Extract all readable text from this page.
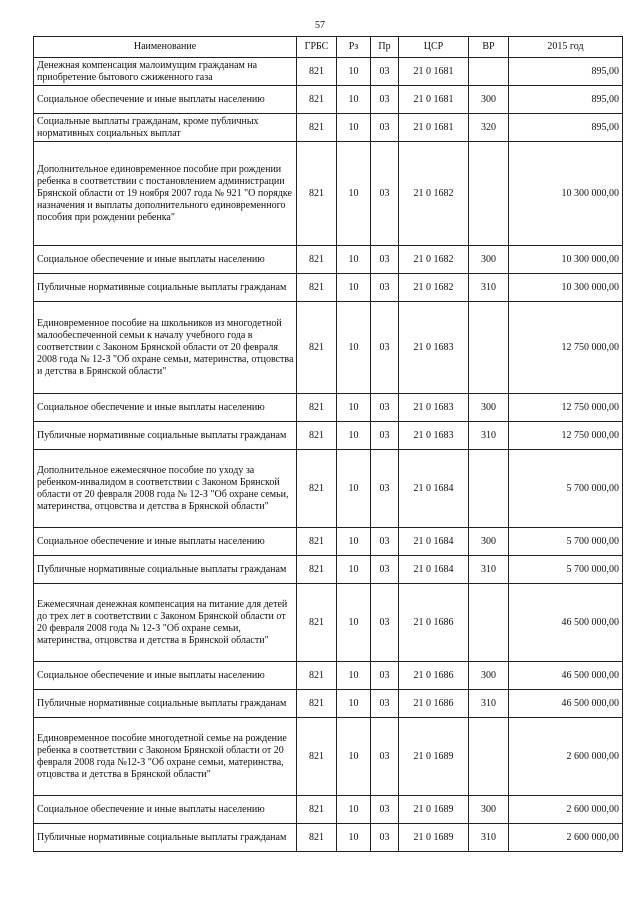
57
Наименование	ГРБС	Рз	Пр	ЦСР	ВР	2015 год
Денежная компенсация малоимущим гражданам на приобретение бытового сжиженного газа	821	10	03	21 0 1681		895,00
Социальное обеспечение и иные выплаты населению	821	10	03	21 0 1681	300	895,00
Социальные выплаты гражданам, кроме публичных нормативных социальных выплат	821	10	03	21 0 1681	320	895,00
Дополнительное единовременное пособие при рождении ребенка в соответствии с постановлением администрации Брянской области от 19 ноября 2007 года № 921 "О порядке назначения и выплаты дополнительного единовременного пособия при рождении ребенка"	821	10	03	21 0 1682		10 300 000,00
Социальное обеспечение и иные выплаты населению	821	10	03	21 0 1682	300	10 300 000,00
Публичные нормативные социальные выплаты гражданам	821	10	03	21 0 1682	310	10 300 000,00
Единовременное пособие на школьников из многодетной малообеспеченной семьи к началу учебного года в соответствии с Законом Брянской области от 20 февраля 2008 года № 12-З "Об охране семьи, материнства, отцовства и детства в Брянской области"	821	10	03	21 0 1683		12 750 000,00
Социальное обеспечение и иные выплаты населению	821	10	03	21 0 1683	300	12 750 000,00
Публичные нормативные социальные выплаты гражданам	821	10	03	21 0 1683	310	12 750 000,00
Дополнительное ежемесячное пособие по уходу за ребенком-инвалидом в соответствии с Законом Брянской области от 20 февраля 2008 года № 12-З "Об охране семьи, материнства, отцовства и детства в Брянской области"	821	10	03	21 0 1684		5 700 000,00
Социальное обеспечение и иные выплаты населению	821	10	03	21 0 1684	300	5 700 000,00
Публичные нормативные социальные выплаты гражданам	821	10	03	21 0 1684	310	5 700 000,00
Ежемесячная денежная компенсация на питание для детей до трех лет в соответствии с Законом Брянской области от 20 февраля 2008 года № 12-З "Об охране семьи, материнства, отцовства и детства в Брянской области"	821	10	03	21 0 1686		46 500 000,00
Социальное обеспечение и иные выплаты населению	821	10	03	21 0 1686	300	46 500 000,00
Публичные нормативные социальные выплаты гражданам	821	10	03	21 0 1686	310	46 500 000,00
Единовременное пособие многодетной семье на рождение ребенка в соответствии с Законом Брянской области от 20 февраля 2008 года №12-З "Об охране семьи, материнства, отцовства и детства в Брянской области"	821	10	03	21 0 1689		2 600 000,00
Социальное обеспечение и иные выплаты населению	821	10	03	21 0 1689	300	2 600 000,00
Публичные нормативные социальные выплаты гражданам	821	10	03	21 0 1689	310	2 600 000,00
